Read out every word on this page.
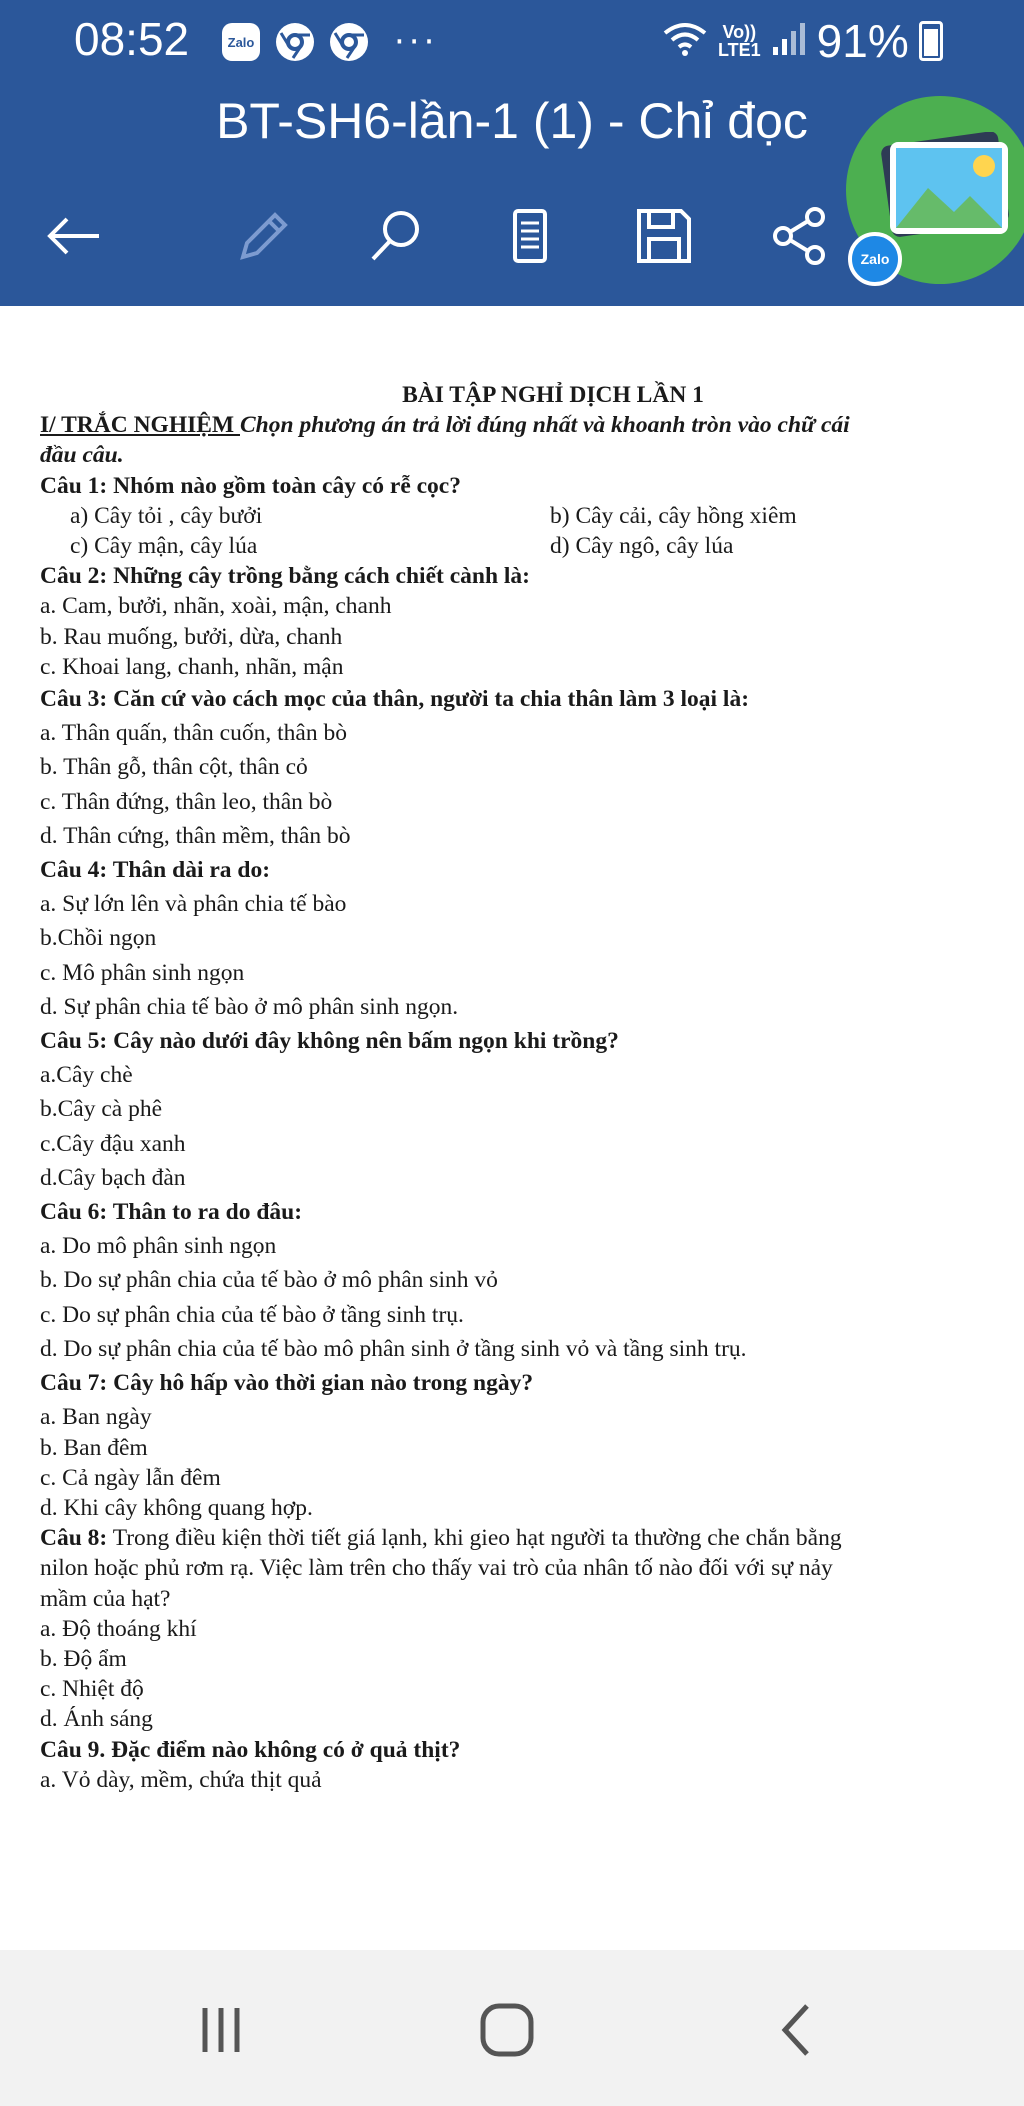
08:52	Zalo	···	Vo))
LTE1 91%
BT-SH6-lần-1 (1) - Chỉ đọc
Zalo
BÀI TẬP NGHỈ DỊCH LẦN 1
I/ TRẮC NGHIỆM Chọn phương án trả lời đúng nhất và khoanh tròn vào chữ cái
đầu câu.
Câu 1: Nhóm nào gồm toàn cây có rễ cọc?
a) Cây tỏi , cây bưởi	b) Cây cải, cây hồng xiêm
c) Cây mận, cây lúa	d) Cây ngô, cây lúa
Câu 2: Những cây trồng bằng cách chiết cành là:
a. Cam, bưởi, nhãn, xoài, mận, chanh
b. Rau muống, bưởi, dừa, chanh
c. Khoai lang, chanh, nhãn, mận
Câu 3: Căn cứ vào cách mọc của thân, người ta chia thân làm 3 loại là:
a. Thân quấn, thân cuốn, thân bò
b. Thân gỗ, thân cột, thân cỏ
c. Thân đứng, thân leo, thân bò
d. Thân cứng, thân mềm, thân bò
Câu 4: Thân dài ra do:
a. Sự lớn lên và phân chia tế bào
b.Chồi ngọn
c. Mô phân sinh ngọn
d. Sự phân chia tế bào ở mô phân sinh ngọn.
Câu 5: Cây nào dưới đây không nên bấm ngọn khi trồng?
a.Cây chè
b.Cây cà phê
c.Cây đậu xanh
d.Cây bạch đàn
Câu 6: Thân to ra do đâu:
a. Do mô phân sinh ngọn
b. Do sự phân chia của tế bào ở mô phân sinh vỏ
c. Do sự phân chia của tế bào ở tầng sinh trụ.
d. Do sự phân chia của tế bào mô phân sinh ở tầng sinh vỏ và tầng sinh trụ.
Câu 7: Cây hô hấp vào thời gian nào trong ngày?
a. Ban ngày
b. Ban đêm
c. Cả ngày lẫn đêm
d. Khi cây không quang hợp.
Câu 8: Trong điều kiện thời tiết giá lạnh, khi gieo hạt người ta thường che chắn bằng
nilon hoặc phủ rơm rạ. Việc làm trên cho thấy vai trò của nhân tố nào đối với sự nảy
mầm của hạt?
a. Độ thoáng khí
b. Độ ẩm
c. Nhiệt độ
d. Ánh sáng
Câu 9. Đặc điểm nào không có ở quả thịt?
a. Vỏ dày, mềm, chứa thịt quả
